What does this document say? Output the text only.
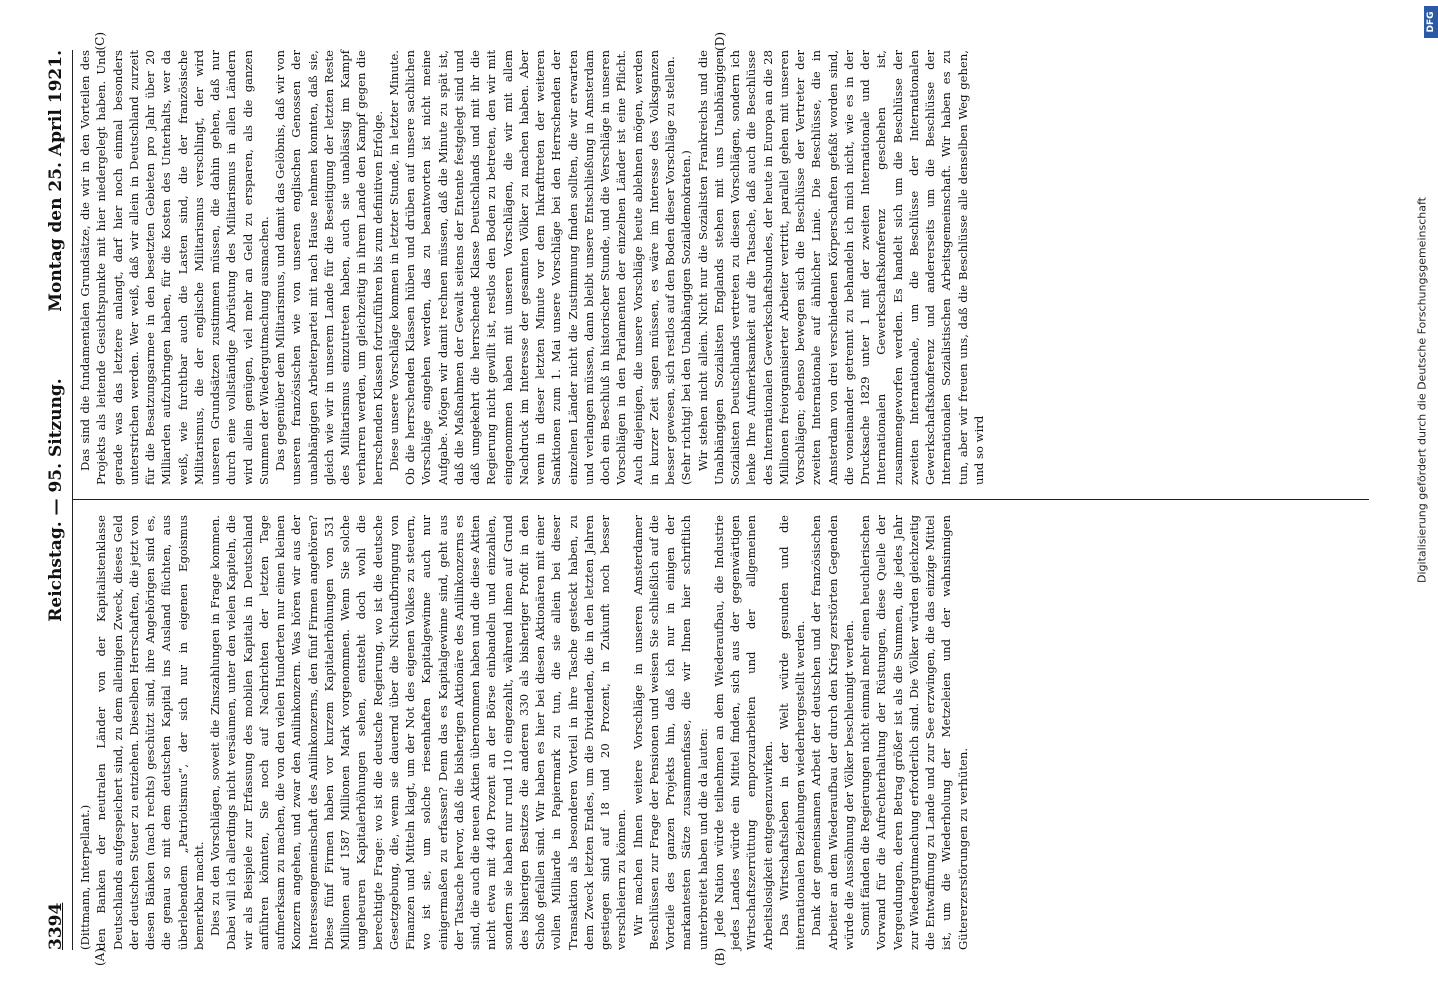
3394
Reichstag. — 95. Sitzung.
Montag den 25. April 1921.
(A)	(B)
(C)	(D)

(Dittmann, Interpellant.) den Banken der neutralen Länder von der Kapitalistenklasse Deutschlands aufgespeichert sind, zu dem alleinigen Zweck, dieses Geld der deutschen Steuer zu entziehen. Dieselben Herrschaften, die jetzt von diesen Bänken (nach rechts) geschützt sind, ihre Angehörigen sind es, die genau so mit dem deutschen Kapital ins Ausland flüchten, aus überlebendem „Patriotismus“, der sich nur in eigenen Egoismus bemerkbar macht. Dies zu den Vorschlägen, soweit die Zinszahlungen in Frage kommen. Dabei will ich allerdings nicht versäumen, unter den vielen Kapiteln, die wir als Beispiele zur Erfassung des mobilen Kapitals in Deutschland anführen könnten, Sie noch auf Nachrichten der letzten Tage aufmerksam zu machen, die von den vielen Hunderten nur einen kleinen Konzern angehen, und zwar den Anilinkonzern. Was hören wir aus der Interessengemeinschaft des Anilinkonzerns, den fünf Firmen angehören? Diese fünf Firmen haben vor kurzem Kapitalerhöhungen von 531 Millionen auf 1587 Millionen Mark vorgenommen. Wenn Sie solche ungeheuren Kapitalerhöhungen sehen, entsteht doch wohl die berechtigte Frage: wo ist die deutsche Regierung, wo ist die deutsche Gesetzgebung, die, wenn sie dauernd über die Nichtaufbringung von Finanzen und Mitteln klagt, um der Not des eigenen Volkes zu steuern, wo ist sie, um solche riesenhaften Kapitalgewinne auch nur einigermaßen zu erfassen? Denn das es Kapitalgewinne sind, geht aus der Tatsache hervor, daß die bisherigen Aktionäre des Anilinkonzerns es sind, die auch die neuen Aktien übernommen haben und die diese Aktien nicht etwa mit 440 Prozent an der Börse einbandeln und einzahlen, sondern sie haben nur rund 110 eingezahlt, während ihnen auf Grund des bisherigen Besitzes die anderen 330 als bisheriger Profit in den Schoß gefallen sind. Wir haben es hier bei diesen Aktionären mit einer vollen Milliarde in Papiermark zu tun, die sie allein bei dieser Transaktion als besonderen Vorteil in ihre Tasche gesteckt haben, zu dem Zweck letzten Endes, um die Dividenden, die in den letzten Jahren gestiegen sind auf 18 und 20 Prozent, in Zukunft noch besser verschleiern zu können. Wir machen Ihnen weitere Vorschläge in unseren Amsterdamer Beschlüssen zur Frage der Pensionen und weisen Sie schließlich auf die Vorteile des ganzen Projekts hin, daß ich nur in einigen der markantesten Sätze zusammenfasse, die wir Ihnen hier schriftlich unterbreitet haben und die da lauten: Jede Nation würde teilnehmen an dem Wiederaufbau, die Industrie jedes Landes würde ein Mittel finden, sich aus der gegenwärtigen Wirtschaftszerrüttung emporzuarbeiten und der allgemeinen Arbeitslosigkeit entgegenzuwirken. Das Wirtschaftsleben in der Welt würde gesunden und die internationalen Beziehungen wiederhergestellt werden. Dank der gemeinsamen Arbeit der deutschen und der französischen Arbeiter an dem Wiederaufbau der durch den Krieg zerstörten Gegenden würde die Aussöhnung der Völker beschleunigt werden. Somit fänden die Regierungen nicht einmal mehr einen heuchlerischen Vorwand für die Aufrechterhaltung der Rüstungen, diese Quelle der Vergeudungen, deren Betrag größer ist als die Summen, die jedes Jahr zur Wiedergutmachung erforderlich sind. Die Völker würden gleichzeitig die Entwaffnung zu Lande und zur See erzwingen, die das einzige Mittel ist, um die Wiederholung der Metzeleien und der wahnsinnigen Gütererzerstörungen zu verhüten.

Das sind die fundamentalen Grundsätze, die wir in den Vorteilen des Projekts als leitende Gesichtspunkte mit hier niedergelegt haben. Und gerade was das letztere anlangt, darf hier noch einmal besonders unterstrichen werden. Wer weiß, daß wir allein in Deutschland zurzeit für die Besatzungsarmee in den besetzten Gebieten pro Jahr über 20 Milliarden aufzubringen haben, für die Kosten des Unterhalts, wer da weiß, wie furchtbar auch die Lasten sind, die der französische Militarismus, die der englische Militarismus verschlingt, der wird unseren Grundsätzen zustimmen müssen, die dahin gehen, daß nur durch eine vollständige Abrüstung des Militarismus in allen Ländern wird allein genügen, viel mehr an Geld zu ersparen, als die ganzen Summen der Wiedergutmachung ausmachen. Das gegenüber dem Militarismus, und damit das Gelöbnis, daß wir von unseren französischen wie von unseren englischen Genossen der unabhängigen Arbeiterpartei mit nach Hause nehmen konnten, daß sie, gleich wie wir in unserem Lande für die Beseitigung der letzten Reste des Militarismus einzutreten haben, auch sie unablässig im Kampf verharren werden, um gleichzeitig in ihrem Lande den Kampf gegen die herrschenden Klassen fortzuführen bis zum definitiven Erfolge. Diese unsere Vorschläge kommen in letzter Stunde, in letzter Minute. Ob die herrschenden Klassen hüben und drüben auf unsere sachlichen Vorschläge eingehen werden, das zu beantworten ist nicht meine Aufgabe. Mögen wir damit rechnen müssen, daß die Minute zu spät ist, daß die Maßnahmen der Gewalt seitens der Entente festgelegt sind und daß umgekehrt die herrschende Klasse Deutschlands und mit ihr die Regierung nicht gewillt ist, restlos den Boden zu betreten, den wir mit eingenommen haben mit unseren Vorschlägen, die wir mit allem Nachdruck im Interesse der gesamten Völker zu machen haben. Aber wenn in dieser letzten Minute vor dem Inkrafttreten der weiteren Sanktionen zum 1. Mai unsere Vorschläge bei den Herrschenden der einzelnen Länder nicht die Zustimmung finden sollten, die wir erwarten und verlangen müssen, dann bleibt unsere Entschließung in Amsterdam doch ein Beschluß in historischer Stunde, und die Verschläge in unseren Vorschlägen in den Parlamenten der einzelnen Länder ist eine Pflicht. Auch diejenigen, die unsere Vorschläge heute ablehnen mögen, werden in kurzer Zeit sagen müssen, es wäre im Interesse des Volksganzen besser gewesen, sich restlos auf den Boden dieser Vorschläge zu stellen. (Sehr richtig! bei den Unabhängigen Sozialdemokraten.) Wir stehen nicht allein. Nicht nur die Sozialisten Frankreichs und die Unabhängigen Sozialisten Englands stehen mit uns Unabhängigen Sozialisten Deutschlands vertreten zu diesen Vorschlägen, sondern ich lenke Ihre Aufmerksamkeit auf die Tatsache, daß auch die Beschlüsse des Internationalen Gewerkschaftsbundes, der heute in Europa an die 28 Millionen freiorganisierter Arbeiter vertritt, parallel gehen mit unseren Vorschlägen; ebenso bewegen sich die Beschlüsse der Vertreter der zweiten Internationale auf ähnlicher Linie. Die Beschlüsse, die in Amsterdam von drei verschiedenen Körperschaften gefaßt worden sind, die voneinander getrennt zu behandeln ich mich nicht, wie es in der Drucksache 1829 unter 1 mit der zweiten Internationale und der Internationalen Gewerkschaftskonferenz geschehen ist, zusammengeworfen werden. Es handelt sich um die Beschlüsse der zweiten Internationale, um die Beschlüsse der Internationalen Gewerkschaftskonferenz und andererseits um die Beschlüsse der Internationalen Sozialistischen Arbeitsgemeinschaft. Wir haben es zu tun, aber wir freuen uns, daß die Beschlüsse alle denselben Weg gehen, und so wird	Digitalisierung gefördert durch die Deutsche Forschungsgemeinschaft
DFG
